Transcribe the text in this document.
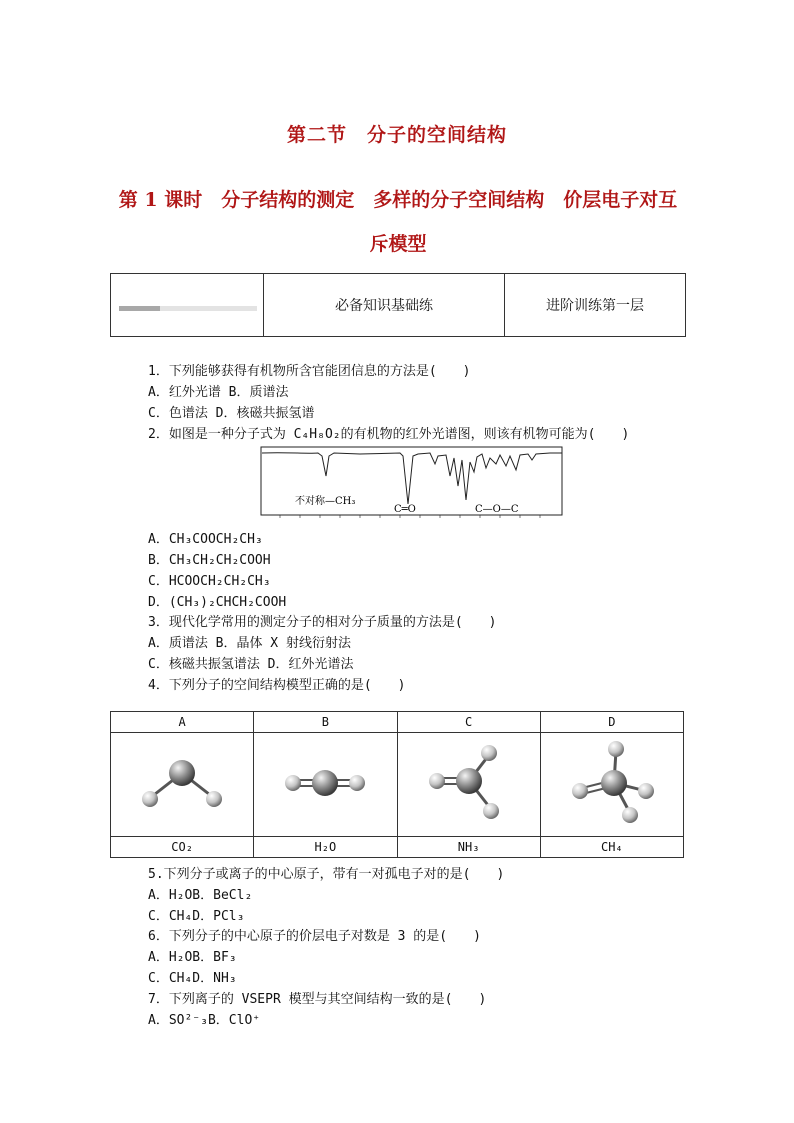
第二节　分子的空间结构
第 1 课时　分子结构的测定　多样的分子空间结构　价层电子对互斥模型
必备知识基础练	进阶训练第一层
1．下列能够获得有机物所含官能团信息的方法是(　　)
A．红外光谱 B．质谱法
C．色谱法 D．核磁共振氢谱
2．如图是一种分子式为 C₄H₈O₂的有机物的红外光谱图，则该有机物可能为(　　)
不对称—CH₃
C═O	C—O—C
A．CH₃COOCH₂CH₃
B．CH₃CH₂CH₂COOH
C．HCOOCH₂CH₂CH₃
D．(CH₃)₂CHCH₂COOH
3．现代化学常用的测定分子的相对分子质量的方法是(　　)
A．质谱法 B．晶体 X 射线衍射法
C．核磁共振氢谱法 D．红外光谱法
4．下列分子的空间结构模型正确的是(　　)
A	B	C	D

CO₂	H₂O	NH₃	CH₄
5.下列分子或离子的中心原子，带有一对孤电子对的是(　　)
A．H₂OB．BeCl₂
C．CH₄D．PCl₃
6．下列分子的中心原子的价层电子对数是 3 的是(　　)
A．H₂OB．BF₃
C．CH₄D．NH₃
7．下列离子的 VSEPR 模型与其空间结构一致的是(　　)
A．SO²⁻₃B．ClO⁺
